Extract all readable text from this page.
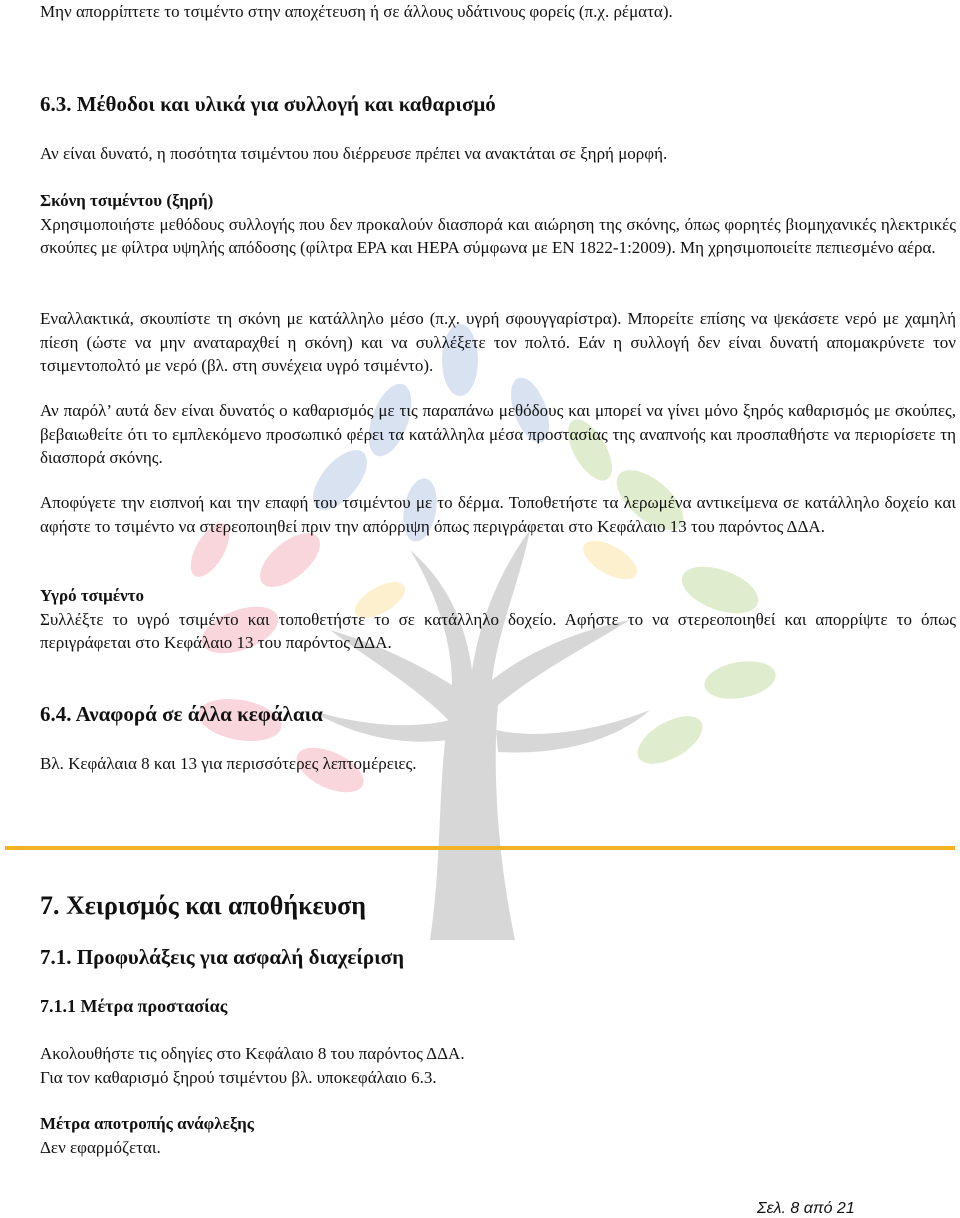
Μην απορρίπτετε το τσιμέντο στην αποχέτευση ή σε άλλους υδάτινους φορείς (π.χ. ρέματα).

6.3. Μέθοδοι και υλικά για συλλογή και καθαρισμό

Αν είναι δυνατό, η ποσότητα τσιμέντου που διέρρευσε πρέπει να ανακτάται σε ξηρή μορφή.

Σκόνη τσιμέντου (ξηρή)
Χρησιμοποιήστε μεθόδους συλλογής που δεν προκαλούν διασπορά και αιώρηση της σκόνης, όπως φορητές βιομηχανικές ηλεκτρικές σκούπες με φίλτρα υψηλής απόδοσης (φίλτρα EPA και HEPA σύμφωνα με EN 1822-1:2009). Μη χρησιμοποιείτε πεπιεσμένο αέρα.

Εναλλακτικά, σκουπίστε τη σκόνη με κατάλληλο μέσο (π.χ. υγρή σφουγγαρίστρα). Μπορείτε επίσης να ψεκάσετε νερό με χαμηλή πίεση (ώστε να μην αναταραχθεί η σκόνη) και να συλλέξετε τον πολτό. Εάν η συλλογή δεν είναι δυνατή απομακρύνετε τον τσιμεντοπολτό με νερό (βλ. στη συνέχεια υγρό τσιμέντο).

Αν παρόλ’ αυτά δεν είναι δυνατός ο καθαρισμός με τις παραπάνω μεθόδους και μπορεί να γίνει μόνο ξηρός καθαρισμός με σκούπες, βεβαιωθείτε ότι το εμπλεκόμενο προσωπικό φέρει τα κατάλληλα μέσα προστασίας της αναπνοής και προσπαθήστε να περιορίσετε τη διασπορά σκόνης.

Αποφύγετε την εισπνοή και την επαφή του τσιμέντου με το δέρμα. Τοποθετήστε τα λερωμένα αντικείμενα σε κατάλληλο δοχείο και αφήστε το τσιμέντο να στερεοποιηθεί πριν την απόρριψη όπως περιγράφεται στο Κεφάλαιο 13 του παρόντος ΔΔΑ.

Υγρό τσιμέντο
Συλλέξτε το υγρό τσιμέντο και τοποθετήστε το σε κατάλληλο δοχείο. Αφήστε το να στερεοποιηθεί και απορρίψτε το όπως περιγράφεται στο Κεφάλαιο 13 του παρόντος ΔΔΑ.
6.4. Αναφορά σε άλλα κεφάλαια

Βλ. Κεφάλαια 8 και 13 για περισσότερες λεπτομέρειες.

7. Χειρισμός και αποθήκευση
7.1. Προφυλάξεις για ασφαλή διαχείριση
7.1.1 Μέτρα προστασίας
Ακολουθήστε τις οδηγίες στο Κεφάλαιο 8 του παρόντος ΔΔΑ.
Για τον καθαρισμό ξηρού τσιμέντου βλ. υποκεφάλαιο 6.3.
Μέτρα αποτροπής ανάφλεξης
Δεν εφαρμόζεται.
Σελ. 8 από 21
